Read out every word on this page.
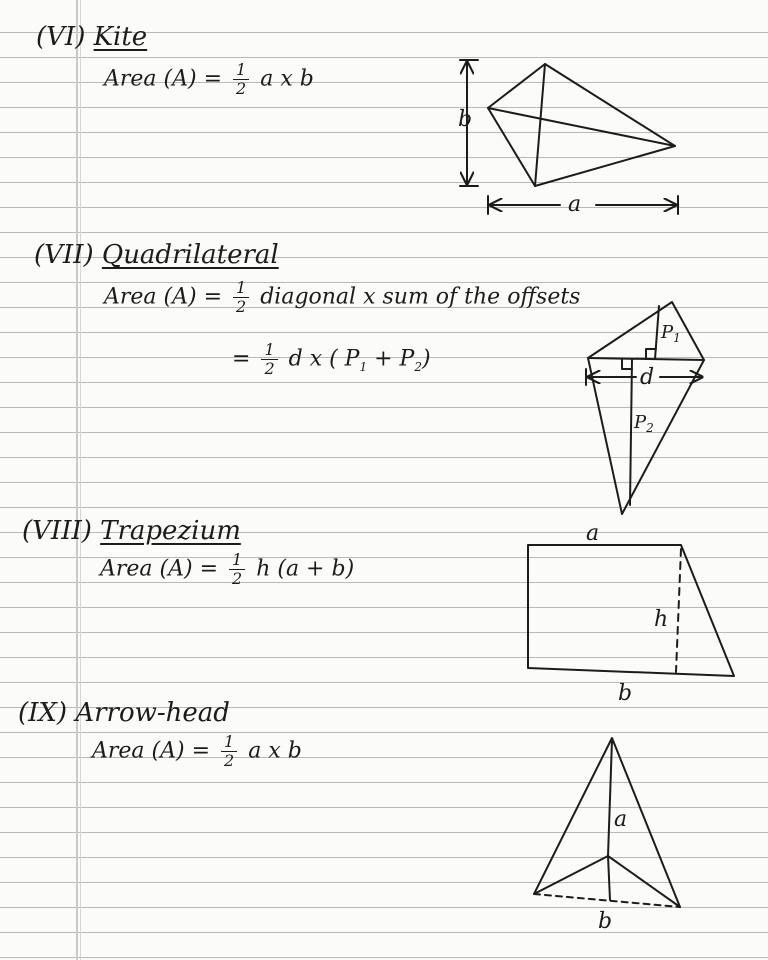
(VI) Kite
Area $(A) = \frac{1}{2}$ a x b
(VII) Quadrilateral
Area $(A) = \frac{1}{2}$ diagonal x sum of the offsets
= $\frac{1}{2}$ d x ( $P_1 + P_2$)
(VIII) Trapezium
Area $(A) = \frac{1}{2}$ h (a + b)
(IX) Arrow-head
Area $(A) = \frac{1}{2}$ a x b
b
a
$P_1$
$P_2$
d
a
h
b
a
b
